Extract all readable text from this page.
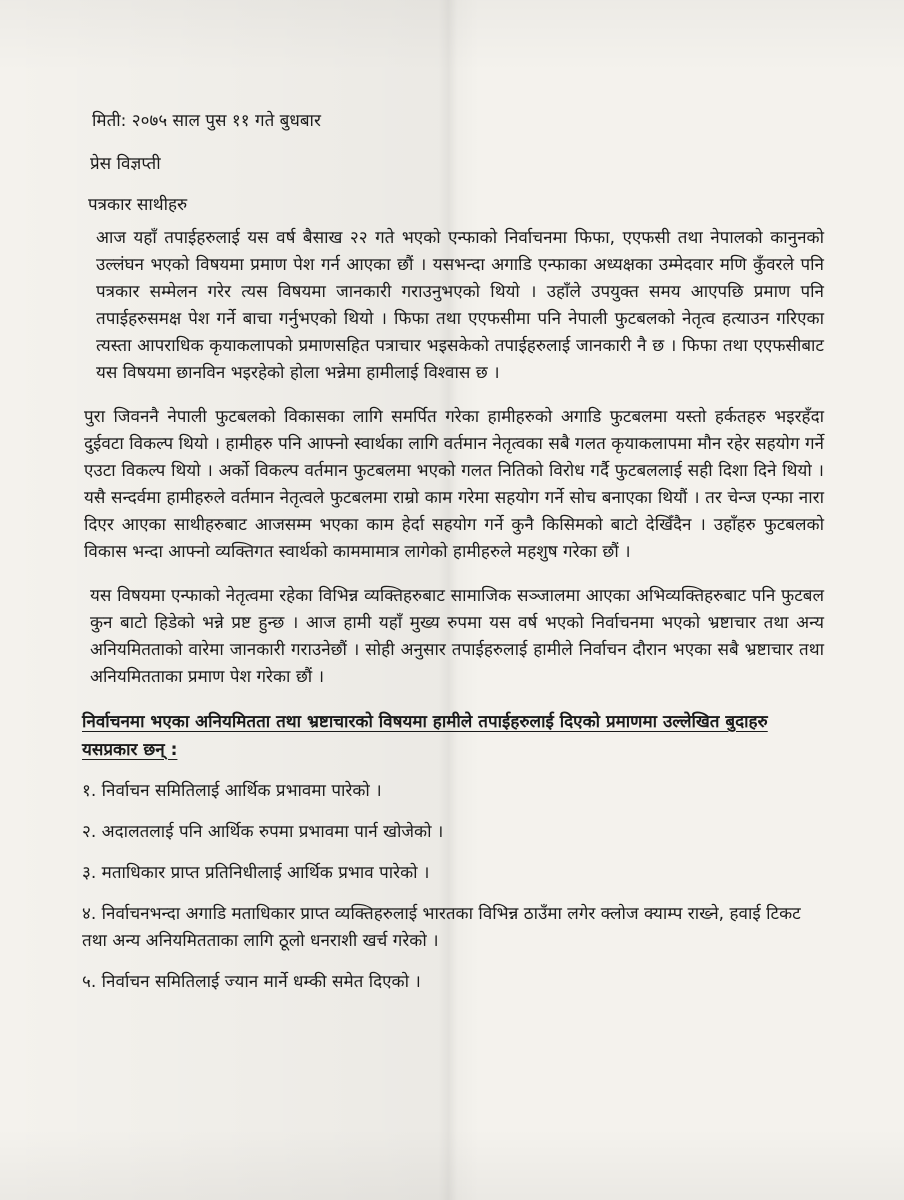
मिती: २०७५ साल पुस ११ गते बुधबार
प्रेस विज्ञप्ती
पत्रकार साथीहरु
आज यहाँ तपाईहरुलाई यस वर्ष बैसाख २२ गते भएको एन्फाको निर्वाचनमा फिफा, एएफसी तथा नेपालको कानुनको उल्लंघन भएको विषयमा प्रमाण पेश गर्न आएका छौं । यसभन्दा अगाडि एन्फाका अध्यक्षका उम्मेदवार मणि कुँवरले पनि पत्रकार सम्मेलन गरेर त्यस विषयमा जानकारी गराउनुभएको थियो । उहाँले उपयुक्त समय आएपछि प्रमाण पनि तपाईहरुसमक्ष पेश गर्ने बाचा गर्नुभएको थियो । फिफा तथा एएफसीमा पनि नेपाली फुटबलको नेतृत्व हत्याउन गरिएका त्यस्ता आपराधिक कृयाकलापको प्रमाणसहित पत्राचार भइसकेको तपाईहरुलाई जानकारी नै छ । फिफा तथा एएफसीबाट यस विषयमा छानविन भइरहेको होला भन्नेमा हामीलाई विश्वास छ ।
पुरा जिवननै नेपाली फुटबलको विकासका लागि समर्पित गरेका हामीहरुको अगाडि फुटबलमा यस्तो हर्कतहरु भइरहँदा दुईवटा विकल्प थियो । हामीहरु पनि आफ्नो स्वार्थका लागि वर्तमान नेतृत्वका सबै गलत कृयाकलापमा मौन रहेर सहयोग गर्ने एउटा विकल्प थियो । अर्को विकल्प वर्तमान फुटबलमा भएको गलत नितिको विरोध गर्दै फुटबललाई सही दिशा दिने थियो । यसै सन्दर्वमा हामीहरुले वर्तमान नेतृत्वले फुटबलमा राम्रो काम गरेमा सहयोग गर्ने सोच बनाएका थियौं । तर चेन्ज एन्फा नारा दिएर आएका साथीहरुबाट आजसम्म भएका काम हेर्दा सहयोग गर्ने कुनै किसिमको बाटो देखिँदैन । उहाँहरु फुटबलको विकास भन्दा आफ्नो व्यक्तिगत स्वार्थको काममामात्र लागेको हामीहरुले महशुष गरेका छौं ।
यस विषयमा एन्फाको नेतृत्वमा रहेका विभिन्न व्यक्तिहरुबाट सामाजिक सञ्जालमा आएका अभिव्यक्तिहरुबाट पनि फुटबल कुन बाटो हिडेको भन्ने प्रष्ट हुन्छ । आज हामी यहाँ मुख्य रुपमा यस वर्ष भएको निर्वाचनमा भएको भ्रष्टाचार तथा अन्य अनियमितताको वारेमा जानकारी गराउनेछौं । सोही अनुसार तपाईहरुलाई हामीले निर्वाचन दौरान भएका सबै भ्रष्टाचार तथा अनियमितताका प्रमाण पेश गरेका छौं ।
निर्वाचनमा भएका अनियमितता तथा भ्रष्टाचारको विषयमा हामीले तपाईहरुलाई दिएको प्रमाणमा उल्लेखित बुदाहरु यसप्रकार छन् :
१. निर्वाचन समितिलाई आर्थिक प्रभावमा पारेको ।
२. अदालतलाई पनि आर्थिक रुपमा प्रभावमा पार्न खोजेको ।
३. मताधिकार प्राप्त प्रतिनिधीलाई आर्थिक प्रभाव पारेको ।
४. निर्वाचनभन्दा अगाडि मताधिकार प्राप्त व्यक्तिहरुलाई भारतका विभिन्न ठाउँमा लगेर क्लोज क्याम्प राख्ने, हवाई टिकट तथा अन्य अनियमितताका लागि ठूलो धनराशी खर्च गरेको ।
५. निर्वाचन समितिलाई ज्यान मार्ने धम्की समेत दिएको ।
